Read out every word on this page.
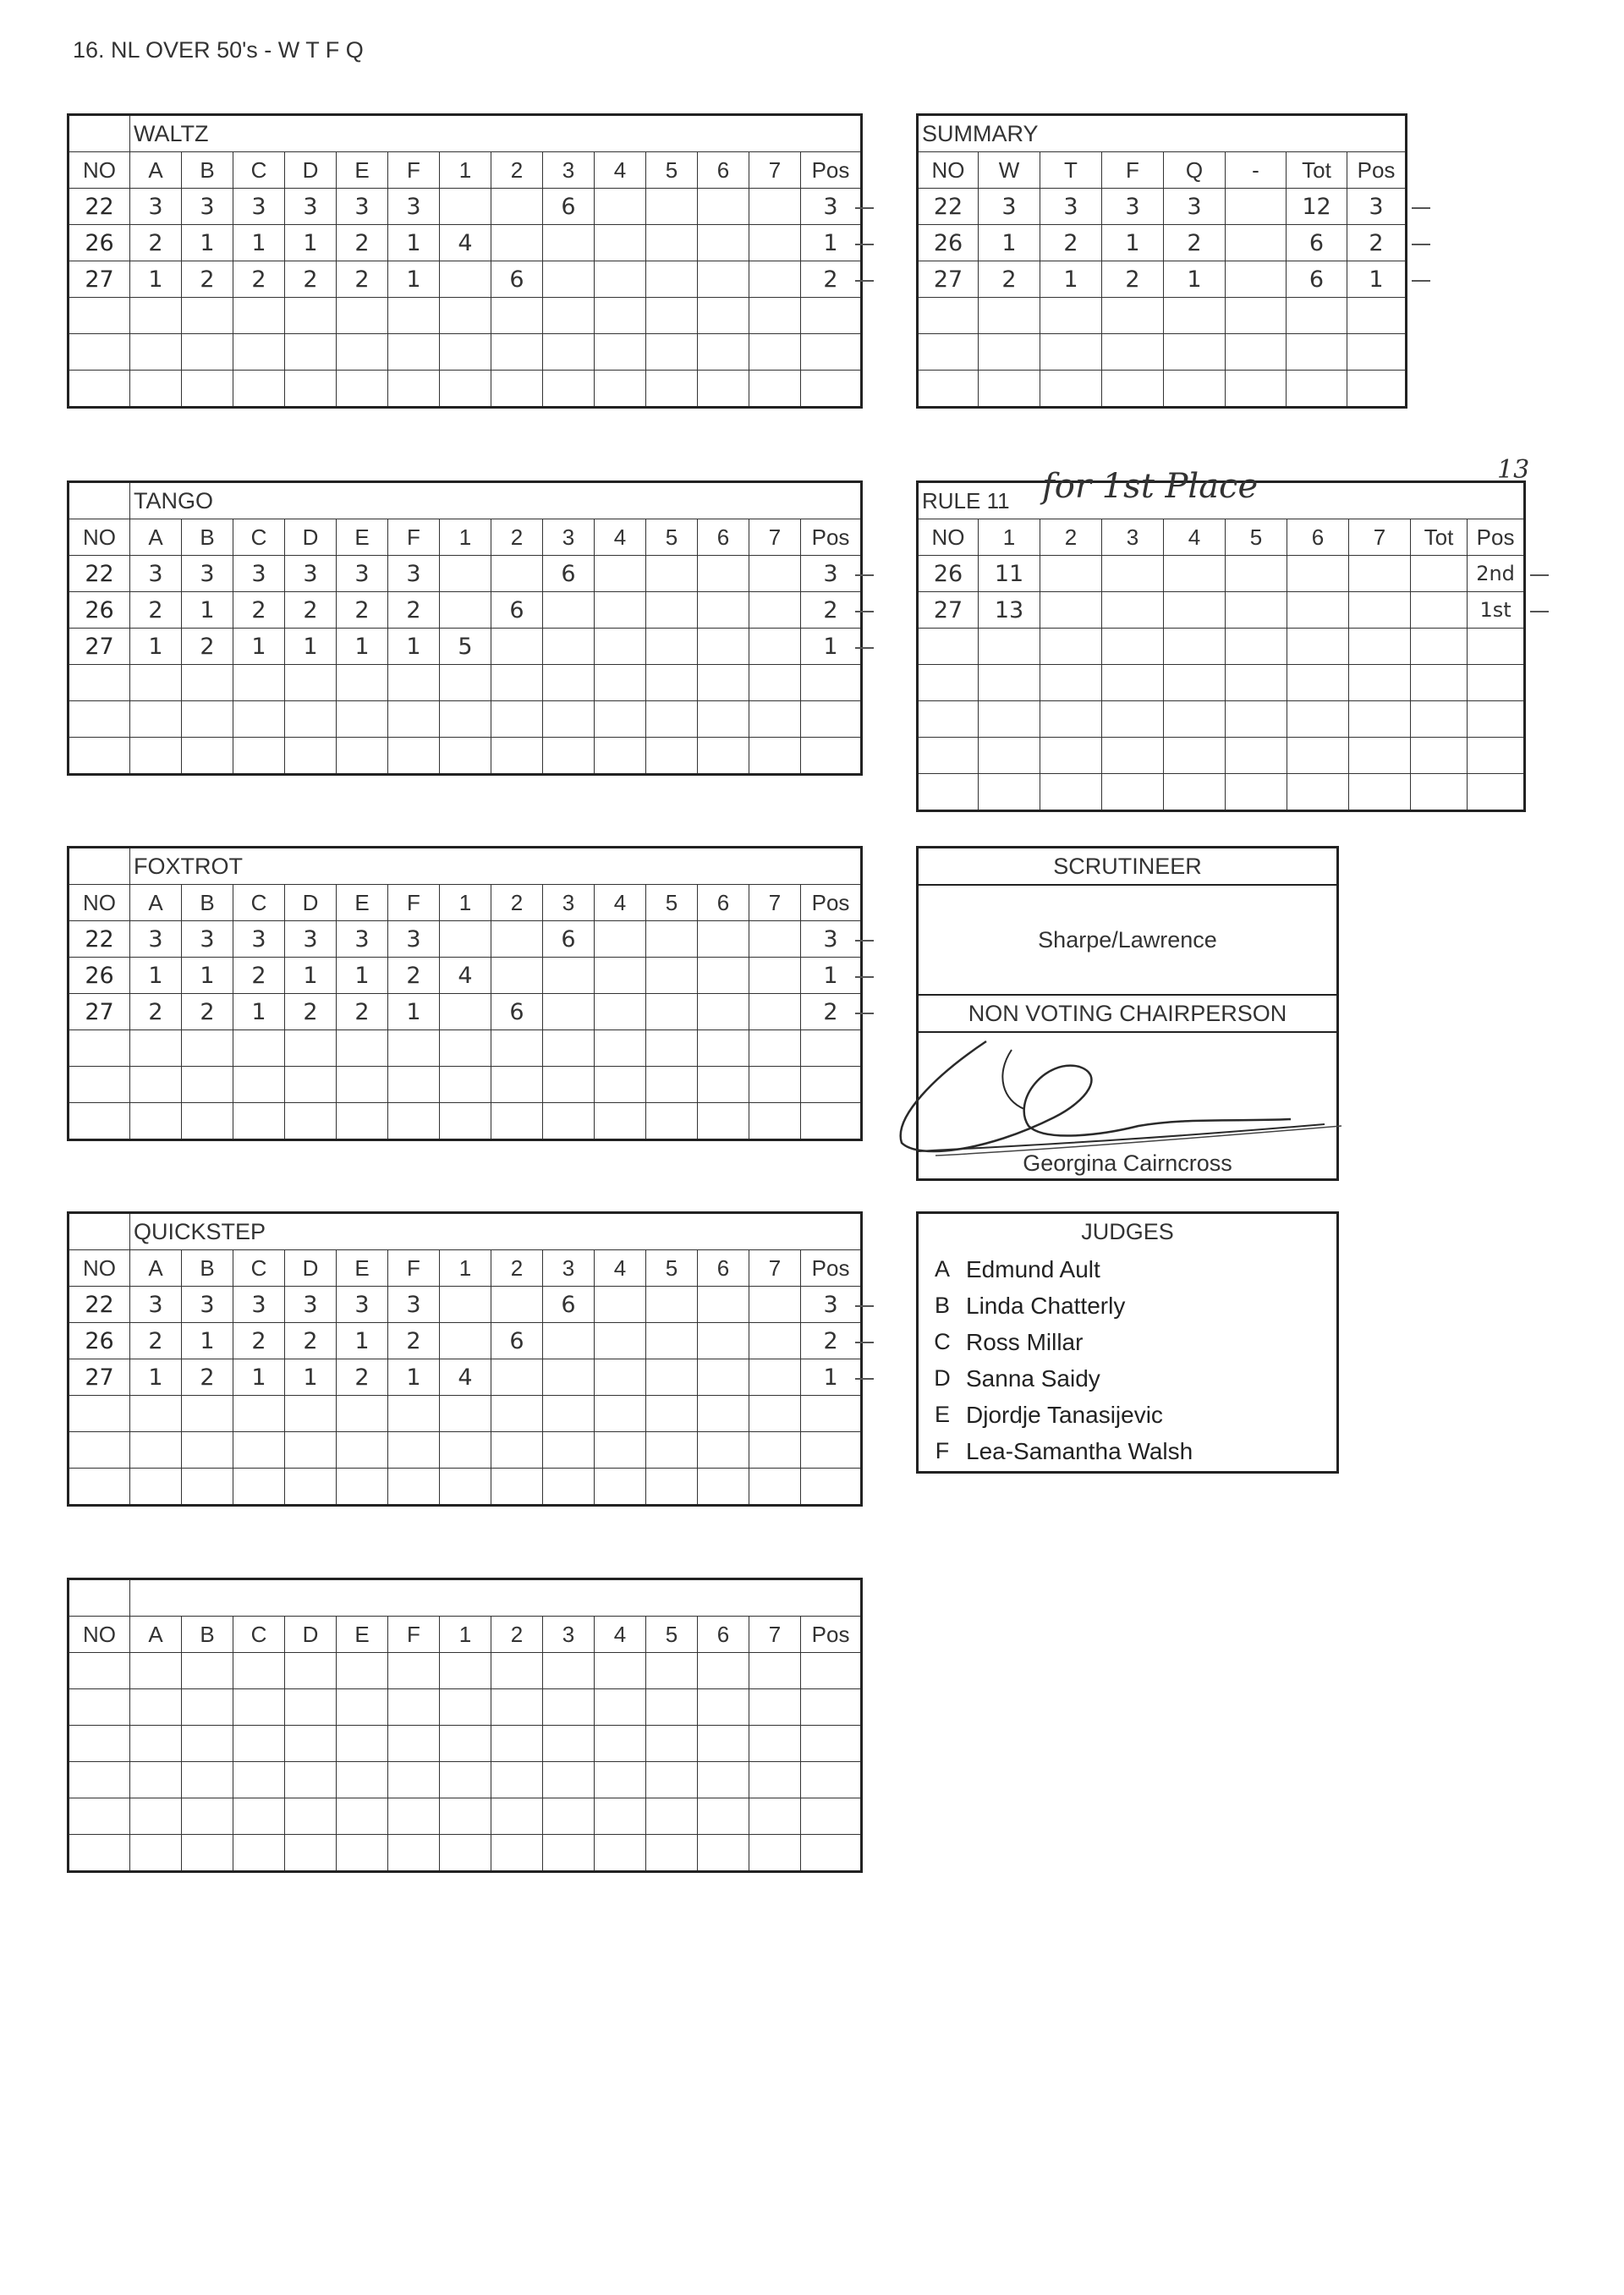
16. NL OVER 50's - W T F Q
	WALTZ													
NO	A	B	C	D	E	F	1	2	3	4	5	6	7	Pos
22	3	3	3	3	3	3			6					3
26	2	1	1	1	2	1	4							1
27	1	2	2	2	2	1		6						2

	TANGO													
NO	A	B	C	D	E	F	1	2	3	4	5	6	7	Pos
22	3	3	3	3	3	3			6					3
26	2	1	2	2	2	2		6						2
27	1	2	1	1	1	1	5							1

	FOXTROT													
NO	A	B	C	D	E	F	1	2	3	4	5	6	7	Pos
22	3	3	3	3	3	3			6					3
26	1	1	2	1	1	2	4							1
27	2	2	1	2	2	1		6						2

	QUICKSTEP													
NO	A	B	C	D	E	F	1	2	3	4	5	6	7	Pos
22	3	3	3	3	3	3			6					3
26	2	1	2	2	1	2		6						2
27	1	2	1	1	2	1	4							1

NO	A	B	C	D	E	F	1	2	3	4	5	6	7	Pos

SUMMARY							
NO	W	T	F	Q	-	Tot	Pos
22	3	3	3	3		12	3
26	1	2	1	2		6	2
27	2	1	2	1		6	1

RULE 11									
NO	1	2	3	4	5	6	7	Tot	Pos
26	11								2nd
27	13								1st

for 1st Place	13
SCRUTINEER
Sharpe/Lawrence
NON VOTING CHAIRPERSON
Georgina Cairncross
JUDGES
A Edmund Ault
B Linda Chatterly
C Ross Millar
D Sanna Saidy
E Djordje Tanasijevic
F Lea-Samantha Walsh
